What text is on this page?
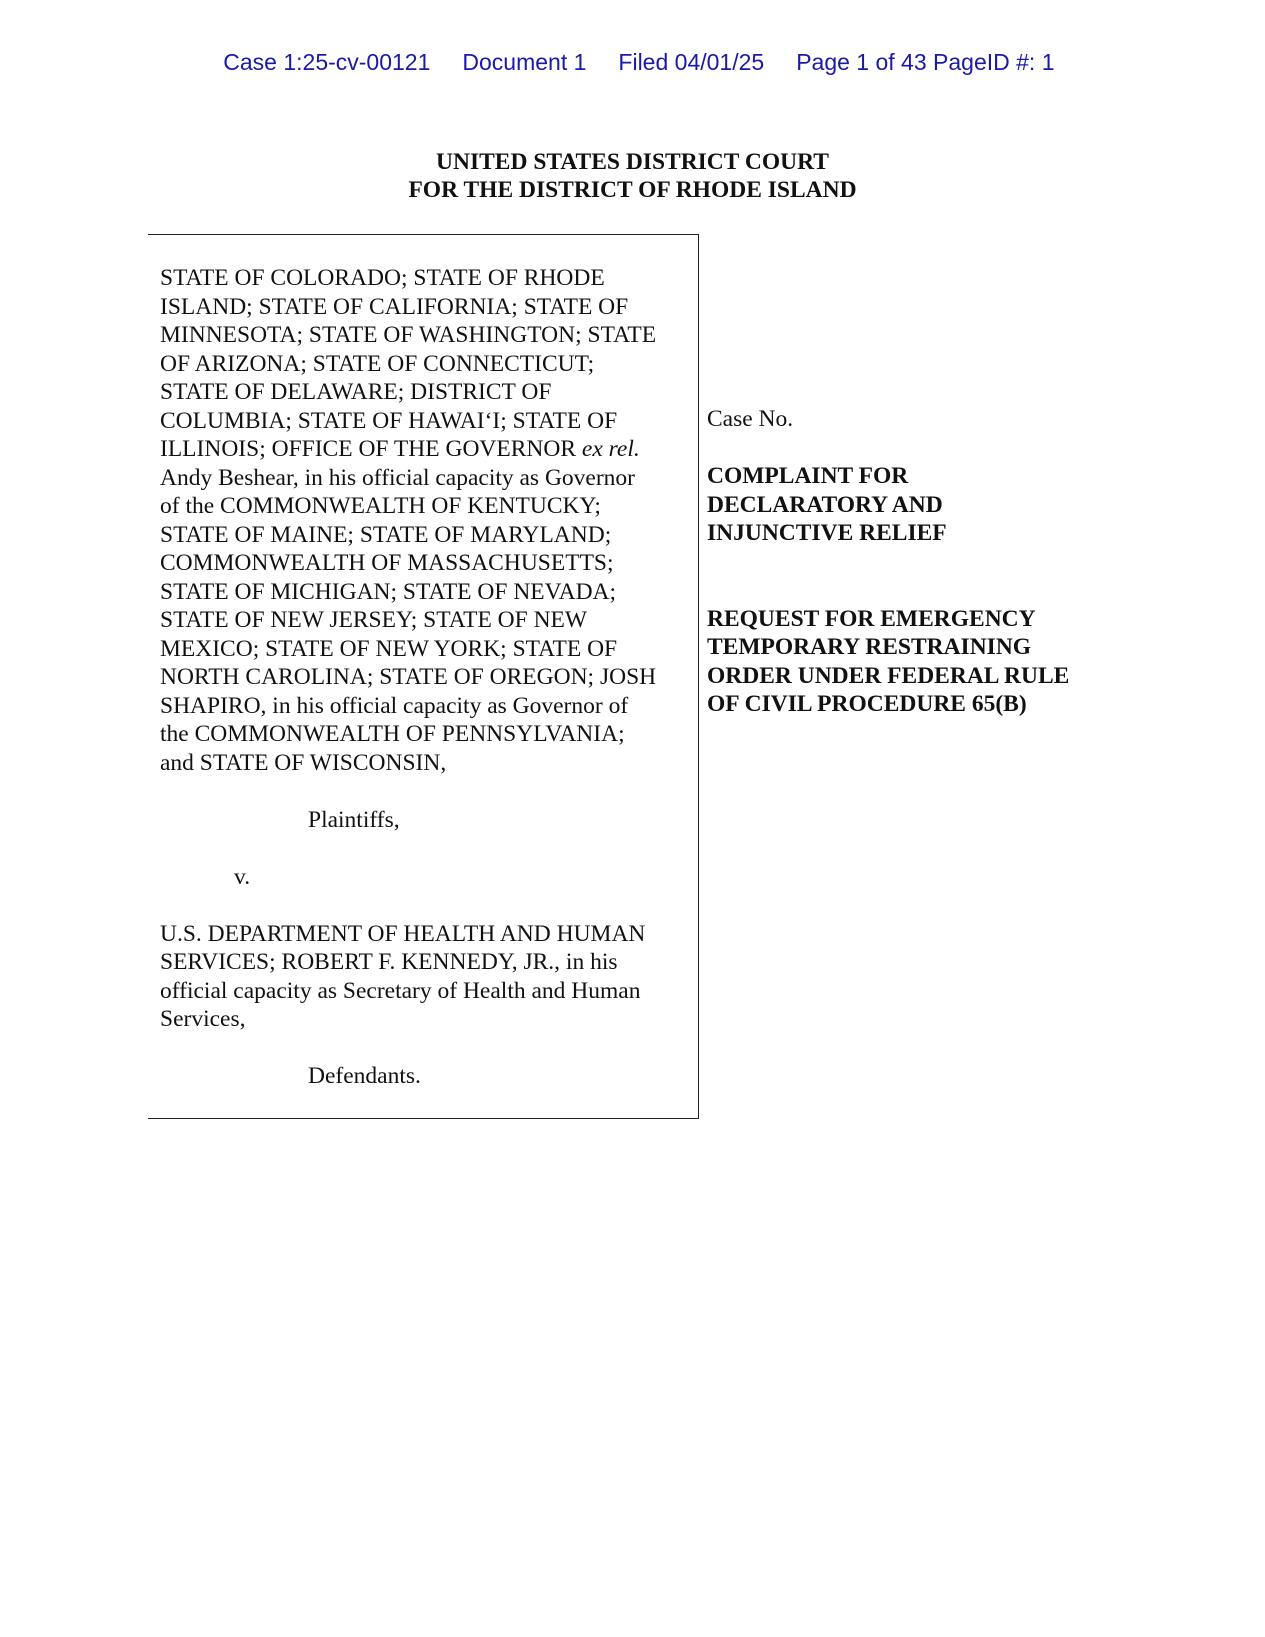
Case 1:25-cv-00121 Document 1 Filed 04/01/25 Page 1 of 43 PageID #: 1

UNITED STATES DISTRICT COURT
FOR THE DISTRICT OF RHODE ISLAND

STATE OF COLORADO; STATE OF RHODE

ISLAND; STATE OF CALIFORNIA; STATE OF

MINNESOTA; STATE OF WASHINGTON; STATE

OF ARIZONA; STATE OF CONNECTICUT;

STATE OF DELAWARE; DISTRICT OF

COLUMBIA; STATE OF HAWAI‘I; STATE OF

ILLINOIS; OFFICE OF THE GOVERNOR ex rel.

Andy Beshear, in his official capacity as Governor

of the COMMONWEALTH OF KENTUCKY;

STATE OF MAINE; STATE OF MARYLAND;

COMMONWEALTH OF MASSACHUSETTS;

STATE OF MICHIGAN; STATE OF NEVADA;

STATE OF NEW JERSEY; STATE OF NEW

MEXICO; STATE OF NEW YORK; STATE OF

NORTH CAROLINA; STATE OF OREGON; JOSH

SHAPIRO, in his official capacity as Governor of

the COMMONWEALTH OF PENNSYLVANIA;

and STATE OF WISCONSIN,

Plaintiffs,

v.

U.S. DEPARTMENT OF HEALTH AND HUMAN

SERVICES; ROBERT F. KENNEDY, JR., in his

official capacity as Secretary of Health and Human

Services,

Defendants.

Case No.

COMPLAINT FOR

DECLARATORY AND

INJUNCTIVE RELIEF

REQUEST FOR EMERGENCY

TEMPORARY RESTRAINING

ORDER UNDER FEDERAL RULE

OF CIVIL PROCEDURE 65(B)
